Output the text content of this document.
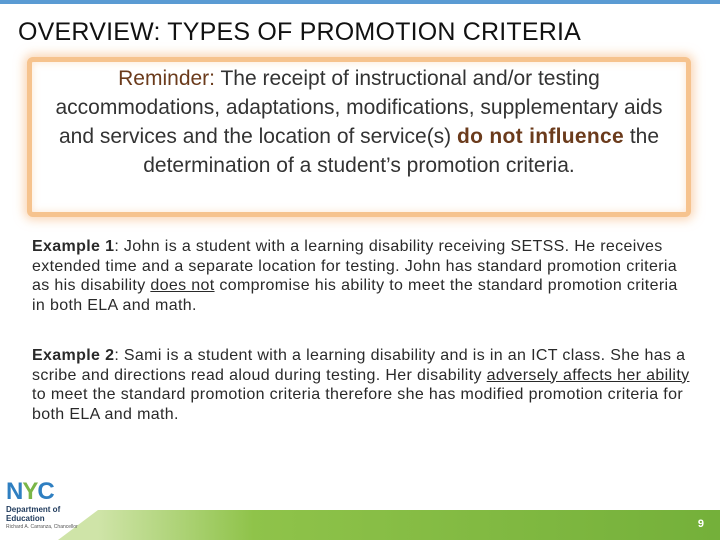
OVERVIEW: TYPES OF PROMOTION CRITERIA
Reminder: The receipt of instructional and/or testing accommodations, adaptations, modifications, supplementary aids and services and the location of service(s) do not influence the determination of a student’s promotion criteria.
Example 1: John is a student with a learning disability receiving SETSS. He receives extended time and a separate location for testing. John has standard promotion criteria as his disability does not compromise his ability to meet the standard promotion criteria in both ELA and math.
Example 2: Sami is a student with a learning disability and is in an ICT class. She has a scribe and directions read aloud during testing. Her disability adversely affects her ability to meet the standard promotion criteria therefore she has modified promotion criteria for both ELA and math.
9
N Y C
Department of
Education
Richard A. Carranza, Chancellor
